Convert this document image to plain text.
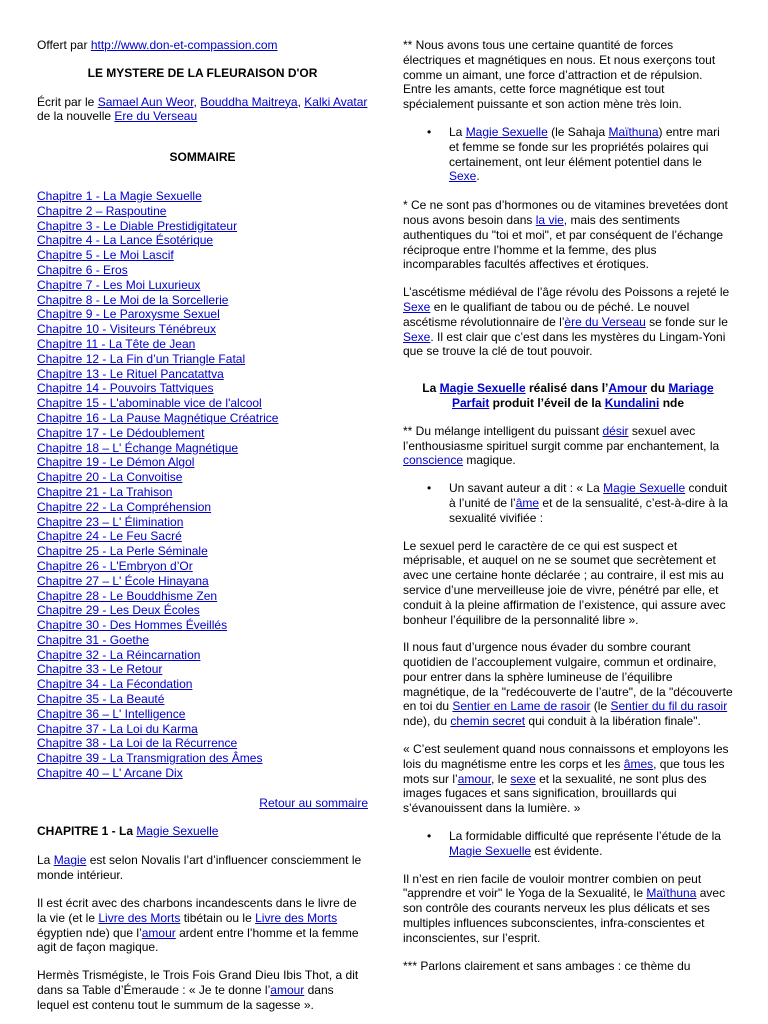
Offert par http://www.don-et-compassion.com

LE MYSTERE DE LA FLEURAISON D'OR

Écrit par le Samael Aun Weor, Bouddha Maitreya, Kalki Avatar de la nouvelle Ere du Verseau

SOMMAIRE

Chapitre 1 - La Magie Sexuelle
Chapitre 2 – Raspoutine
Chapitre 3 - Le Diable Prestidigitateur
Chapitre 4 - La Lance Ésotérique
Chapitre 5 - Le Moi Lascif
Chapitre 6 - Eros
Chapitre 7 - Les Moi Luxurieux
Chapitre 8 - Le Moi de la Sorcellerie
Chapitre 9 - Le Paroxysme Sexuel
Chapitre 10 - Visiteurs Ténébreux
Chapitre 11 - La Tête de Jean
Chapitre 12 - La Fin d’un Triangle Fatal
Chapitre 13 - Le Rituel Pancatattva
Chapitre 14 - Pouvoirs Tattviques
Chapitre 15 - L'abominable vice de l'alcool
Chapitre 16 - La Pause Magnétique Créatrice
Chapitre 17 - Le Dédoublement
Chapitre 18 – L' Échange Magnétique
Chapitre 19 - Le Démon Algol
Chapitre 20 - La Convoitise
Chapitre 21 - La Trahison
Chapitre 22 - La Compréhension
Chapitre 23 – L' Élimination
Chapitre 24 - Le Feu Sacré
Chapitre 25 - La Perle Séminale
Chapitre 26 - L'Embryon d’Or
Chapitre 27 – L' École Hinayana
Chapitre 28 - Le Bouddhisme Zen
Chapitre 29 - Les Deux Écoles
Chapitre 30 - Des Hommes Éveillés
Chapitre 31 - Goethe
Chapitre 32 - La Réincarnation
Chapitre 33 - Le Retour
Chapitre 34 - La Fécondation
Chapitre 35 - La Beauté
Chapitre 36 – L' Intelligence
Chapitre 37 - La Loi du Karma
Chapitre 38 - La Loi de la Récurrence
Chapitre 39 - La Transmigration des Âmes
Chapitre 40 – L' Arcane Dix

Retour au sommaire

CHAPITRE 1 - La Magie Sexuelle

La Magie est selon Novalis l’art d’influencer consciemment le monde intérieur.

Il est écrit avec des charbons incandescents dans le livre de la vie (et le Livre des Morts tibétain ou le Livre des Morts égyptien nde) que l’amour ardent entre l’homme et la femme agit de façon magique.

Hermès Trismégiste, le Trois Fois Grand Dieu Ibis Thot, a dit dans sa Table d’Émeraude : « Je te donne l’amour dans lequel est contenu tout le summum de la sagesse ».

** Nous avons tous une certaine quantité de forces électriques et magnétiques en nous. Et nous exerçons tout comme un aimant, une force d’attraction et de répulsion. Entre les amants, cette force magnétique est tout spécialement puissante et son action mène très loin.

• La Magie Sexuelle (le Sahaja Maïthuna) entre mari et femme se fonde sur les propriétés polaires qui certainement, ont leur élément potentiel dans le Sexe.

* Ce ne sont pas d’hormones ou de vitamines brevetées dont nous avons besoin dans la vie, mais des sentiments authentiques du "toi et moi", et par conséquent de l’échange réciproque entre l’homme et la femme, des plus incomparables facultés affectives et érotiques.

L’ascétisme médiéval de l’âge révolu des Poissons a rejeté le Sexe en le qualifiant de tabou ou de péché. Le nouvel ascétisme révolutionnaire de l’ère du Verseau se fonde sur le Sexe. Il est clair que c’est dans les mystères du Lingam-Yoni que se trouve la clé de tout pouvoir.

La Magie Sexuelle réalisé dans l’Amour du Mariage Parfait produit l’éveil de la Kundalini nde

** Du mélange intelligent du puissant désir sexuel avec l’enthousiasme spirituel surgit comme par enchantement, la conscience magique.

• Un savant auteur a dit : « La Magie Sexuelle conduit à l’unité de l’âme et de la sensualité, c’est-à-dire à la sexualité vivifiée :

Le sexuel perd le caractère de ce qui est suspect et méprisable, et auquel on ne se soumet que secrètement et avec une certaine honte déclarée ; au contraire, il est mis au service d’une merveilleuse joie de vivre, pénétré par elle, et conduit à la pleine affirmation de l’existence, qui assure avec bonheur l’équilibre de la personnalité libre ».

Il nous faut d’urgence nous évader du sombre courant quotidien de l’accouplement vulgaire, commun et ordinaire, pour entrer dans la sphère lumineuse de l’équilibre magnétique, de la "redécouverte de l’autre", de la "découverte en toi du Sentier en Lame de rasoir (le Sentier du fil du rasoir nde), du chemin secret qui conduit à la libération finale".

« C’est seulement quand nous connaissons et employons les lois du magnétisme entre les corps et les âmes, que tous les mots sur l’amour, le sexe et la sexualité, ne sont plus des images fugaces et sans signification, brouillards qui s’évanouissent dans la lumière. »

• La formidable difficulté que représente l’étude de la Magie Sexuelle est évidente.

Il n’est en rien facile de vouloir montrer combien on peut "apprendre et voir" le Yoga de la Sexualité, le Maïthuna avec son contrôle des courants nerveux les plus délicats et ses multiples influences subconscientes, infra-conscientes et inconscientes, sur l’esprit.

*** Parlons clairement et sans ambages : ce thème du
